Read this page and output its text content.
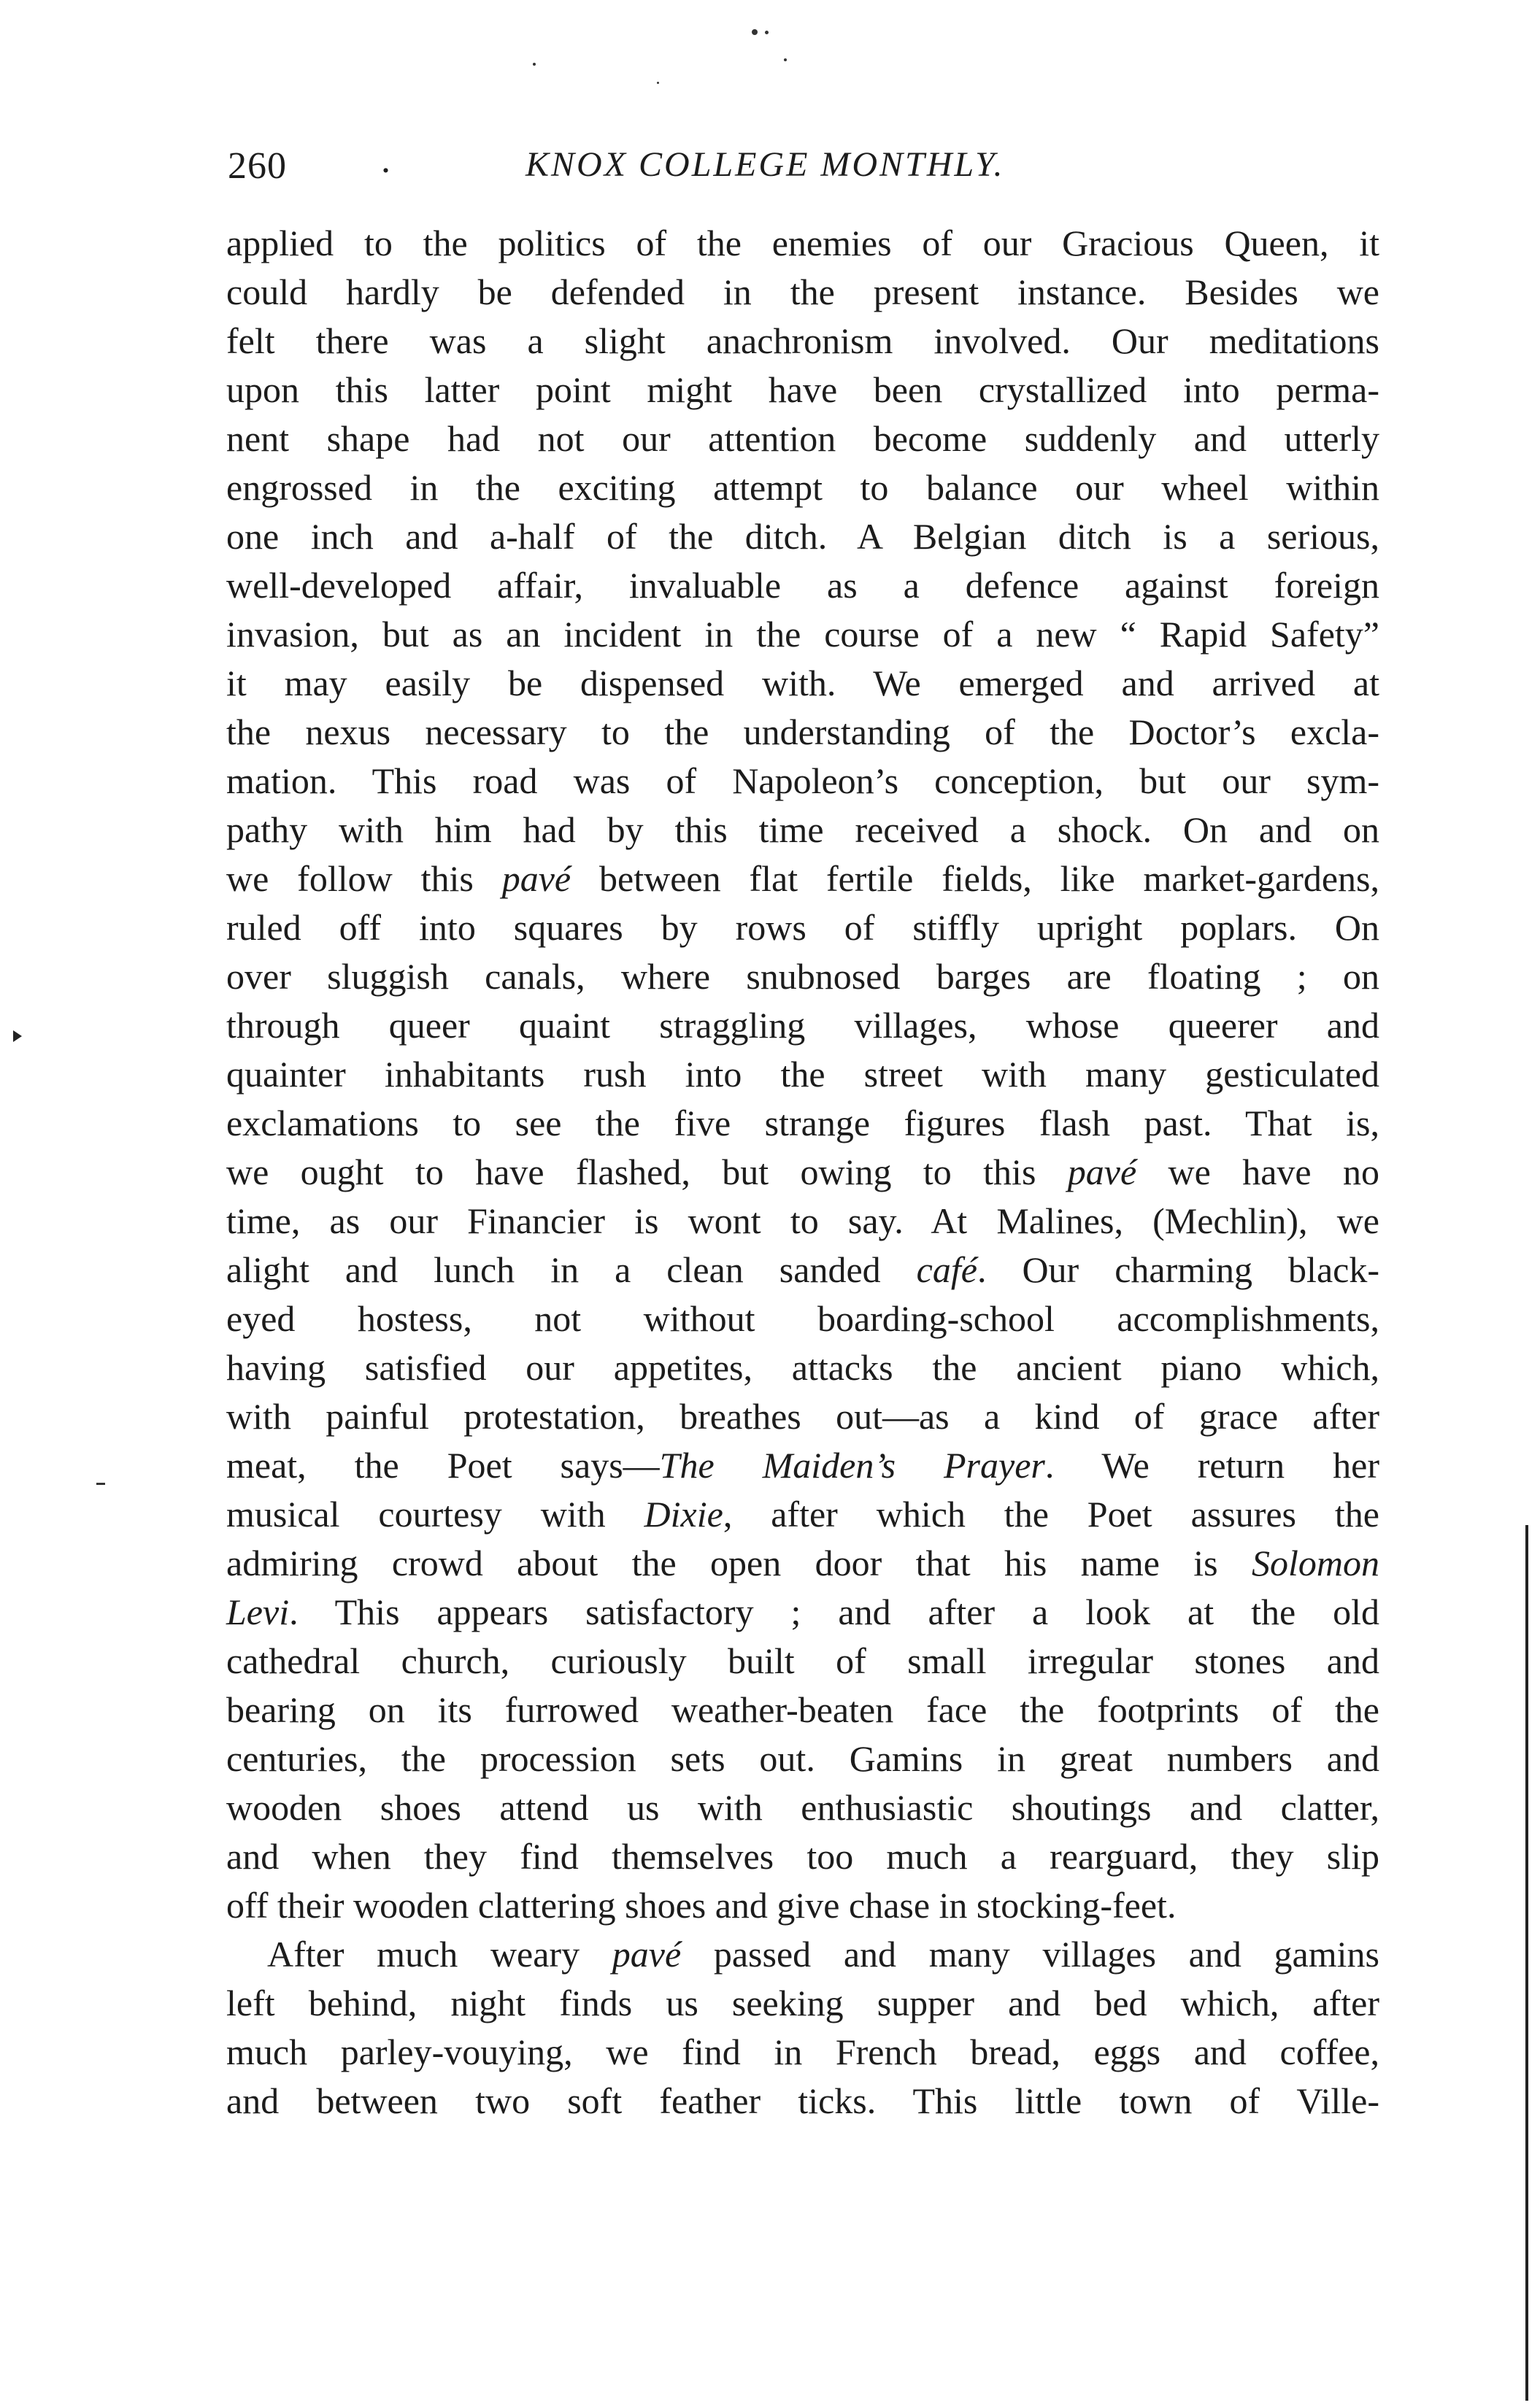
260 .	KNOX COLLEGE MONTHLY.
applied to the politics of the enemies of our Gracious Queen, it
could hardly be defended in the present instance. Besides we
felt there was a slight anachronism involved. Our meditations
upon this latter point might have been crystallized into perma-
nent shape had not our attention become suddenly and utterly
engrossed in the exciting attempt to balance our wheel within
one inch and a-half of the ditch. A Belgian ditch is a serious,
well-developed affair, invaluable as a defence against foreign
invasion, but as an incident in the course of a new “ Rapid Safety”
it may easily be dispensed with. We emerged and arrived at
the nexus necessary to the understanding of the Doctor’s excla-
mation. This road was of Napoleon’s conception, but our sym-
pathy with him had by this time received a shock. On and on
we follow this pavé between flat fertile fields, like market-gardens,
ruled off into squares by rows of stiffly upright poplars. On
over sluggish canals, where snubnosed barges are floating ; on
through queer quaint straggling villages, whose queerer and
quainter inhabitants rush into the street with many gesticulated
exclamations to see the five strange figures flash past. That is,
we ought to have flashed, but owing to this pavé we have no
time, as our Financier is wont to say. At Malines, (Mechlin), we
alight and lunch in a clean sanded café. Our charming black-
eyed hostess, not without boarding-school accomplishments,
having satisfied our appetites, attacks the ancient piano which,
with painful protestation, breathes out—as a kind of grace after
meat, the Poet says—The Maiden’s Prayer. We return her
musical courtesy with Dixie, after which the Poet assures the
admiring crowd about the open door that his name is Solomon
Levi. This appears satisfactory ; and after a look at the old
cathedral church, curiously built of small irregular stones and
bearing on its furrowed weather-beaten face the footprints of the
centuries, the procession sets out. Gamins in great numbers and
wooden shoes attend us with enthusiastic shoutings and clatter,
and when they find themselves too much a rearguard, they slip
off their wooden clattering shoes and give chase in stocking-feet.
After much weary pavé passed and many villages and gamins
left behind, night finds us seeking supper and bed which, after
much parley-vouying, we find in French bread, eggs and coffee,
and between two soft feather ticks. This little town of Ville-
